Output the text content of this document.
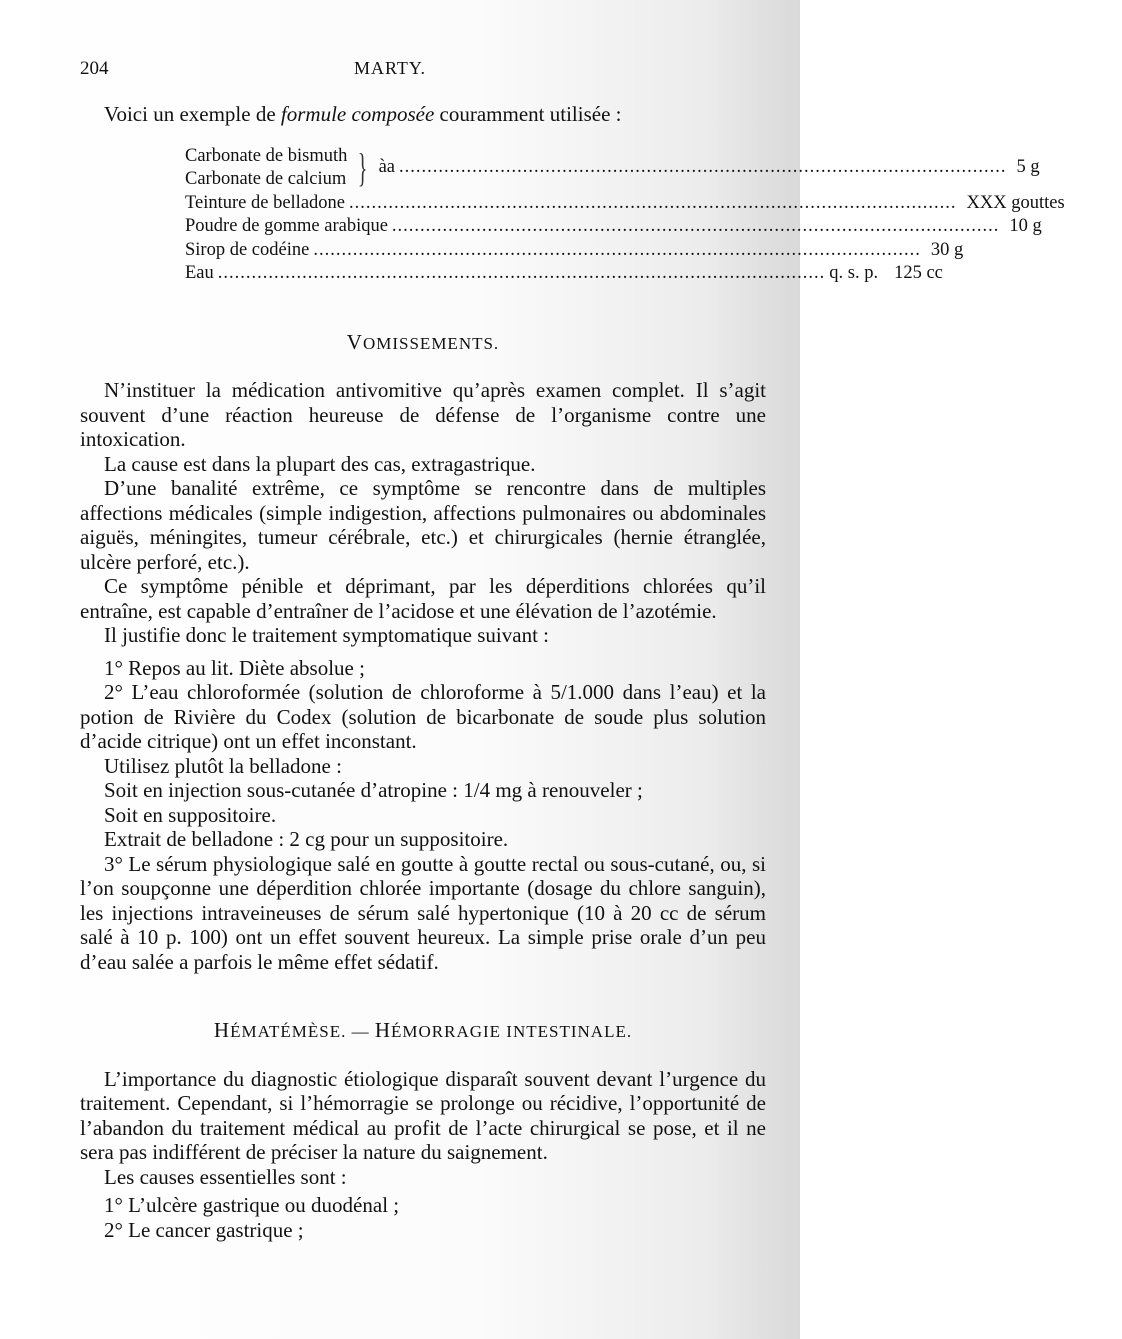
204	MARTY.

Voici un exemple de formule composée couramment utilisée :

Carbonate de bismuth
Carbonate de calcium } àa .....	5 g
Teinture de belladone .....	XXX gouttes
Poudre de gomme arabique .....	10 g
Sirop de codéine .....	30 g
Eau .....	q. s. p. 125 cc
VOMISSEMENTS.

N’instituer la médication antivomitive qu’après examen complet. Il s’agit souvent d’une réaction heureuse de défense de l’organisme contre une intoxication.

La cause est dans la plupart des cas, extragastrique.

D’une banalité extrême, ce symptôme se rencontre dans de multiples affections médicales (simple indigestion, affections pulmonaires ou abdominales aiguës, méningites, tumeur cérébrale, etc.) et chirurgicales (hernie étranglée, ulcère perforé, etc.).

Ce symptôme pénible et déprimant, par les déperditions chlorées qu’il entraîne, est capable d’entraîner de l’acidose et une élévation de l’azotémie.

Il justifie donc le traitement symptomatique suivant :

1° Repos au lit. Diète absolue ;

2° L’eau chloroformée (solution de chloroforme à 5/1.000 dans l’eau) et la potion de Rivière du Codex (solution de bicarbonate de soude plus solution d’acide citrique) ont un effet inconstant.

Utilisez plutôt la belladone :

Soit en injection sous-cutanée d’atropine : 1/4 mg à renouveler ;

Soit en suppositoire.

Extrait de belladone : 2 cg pour un suppositoire.

3° Le sérum physiologique salé en goutte à goutte rectal ou sous-cutané, ou, si l’on soupçonne une déperdition chlorée importante (dosage du chlore sanguin), les injections intraveineuses de sérum salé hypertonique (10 à 20 cc de sérum salé à 10 p. 100) ont un effet souvent heureux. La simple prise orale d’un peu d’eau salée a parfois le même effet sédatif.

HÉMATÉMÈSE. — HÉMORRAGIE INTESTINALE.

L’importance du diagnostic étiologique disparaît souvent devant l’urgence du traitement. Cependant, si l’hémorragie se prolonge ou récidive, l’opportunité de l’abandon du traitement médical au profit de l’acte chirurgical se pose, et il ne sera pas indifférent de préciser la nature du saignement.

Les causes essentielles sont :

1° L’ulcère gastrique ou duodénal ;

2° Le cancer gastrique ;
